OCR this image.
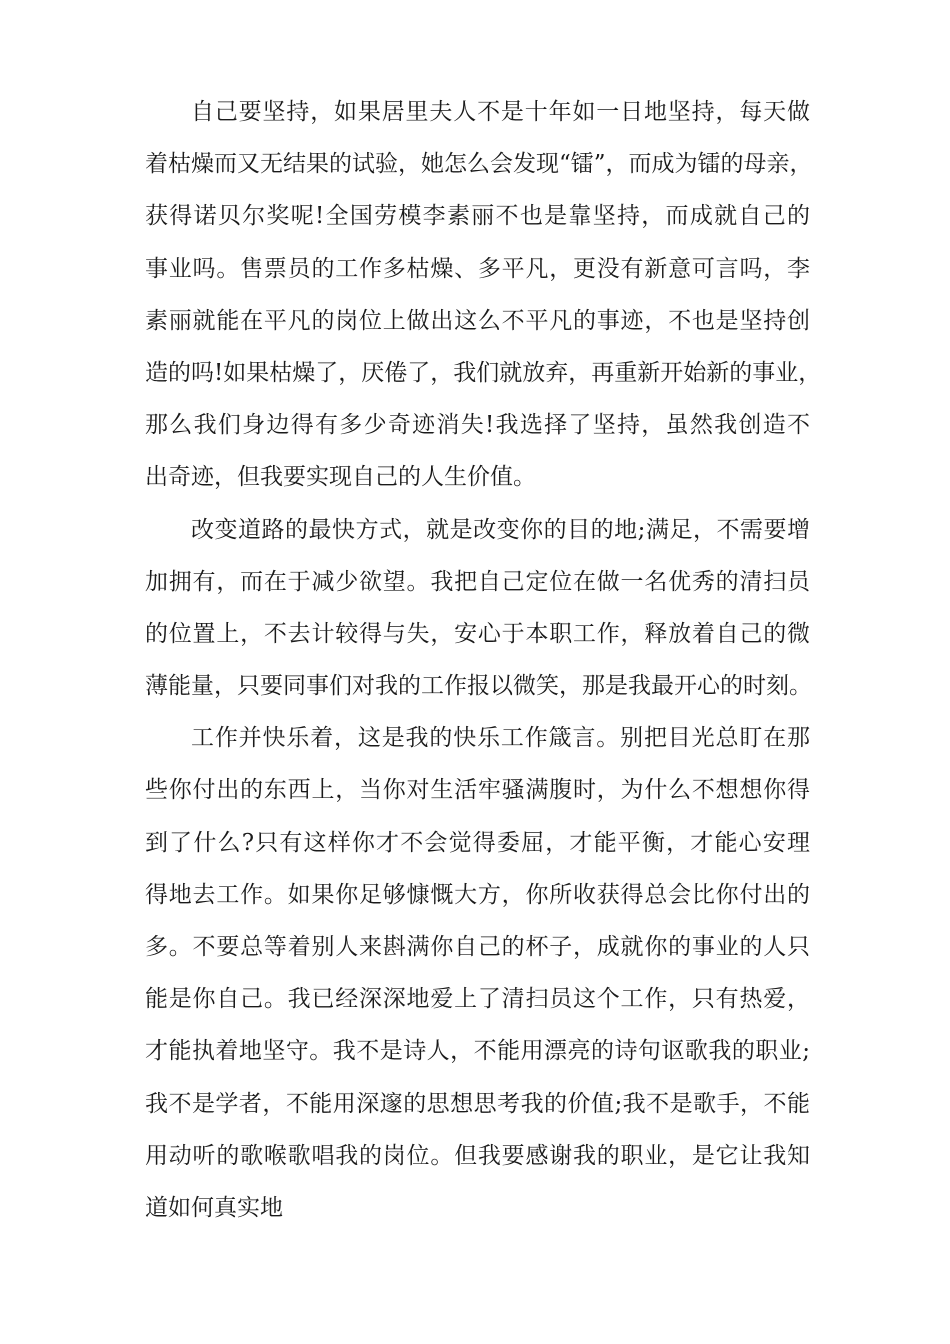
自己要坚持，如果居里夫人不是十年如一日地坚持，每天做
着枯燥而又无结果的试验，她怎么会发现“镭”，而成为镭的母亲，
获得诺贝尔奖呢!全国劳模李素丽不也是靠坚持，而成就自己的
事业吗。售票员的工作多枯燥、多平凡，更没有新意可言吗，李
素丽就能在平凡的岗位上做出这么不平凡的事迹，不也是坚持创
造的吗!如果枯燥了，厌倦了，我们就放弃，再重新开始新的事业，
那么我们身边得有多少奇迹消失!我选择了坚持，虽然我创造不
出奇迹，但我要实现自己的人生价值。
改变道路的最快方式，就是改变你的目的地;满足，不需要增
加拥有，而在于减少欲望。我把自己定位在做一名优秀的清扫员
的位置上，不去计较得与失，安心于本职工作，释放着自己的微
薄能量，只要同事们对我的工作报以微笑，那是我最开心的时刻。
工作并快乐着，这是我的快乐工作箴言。别把目光总盯在那
些你付出的东西上，当你对生活牢骚满腹时，为什么不想想你得
到了什么?只有这样你才不会觉得委屈，才能平衡，才能心安理
得地去工作。如果你足够慷慨大方，你所收获得总会比你付出的
多。不要总等着别人来斟满你自己的杯子，成就你的事业的人只
能是你自己。我已经深深地爱上了清扫员这个工作，只有热爱，
才能执着地坚守。我不是诗人，不能用漂亮的诗句讴歌我的职业;
我不是学者，不能用深邃的思想思考我的价值;我不是歌手，不能
用动听的歌喉歌唱我的岗位。但我要感谢我的职业，是它让我知
道如何真实地
